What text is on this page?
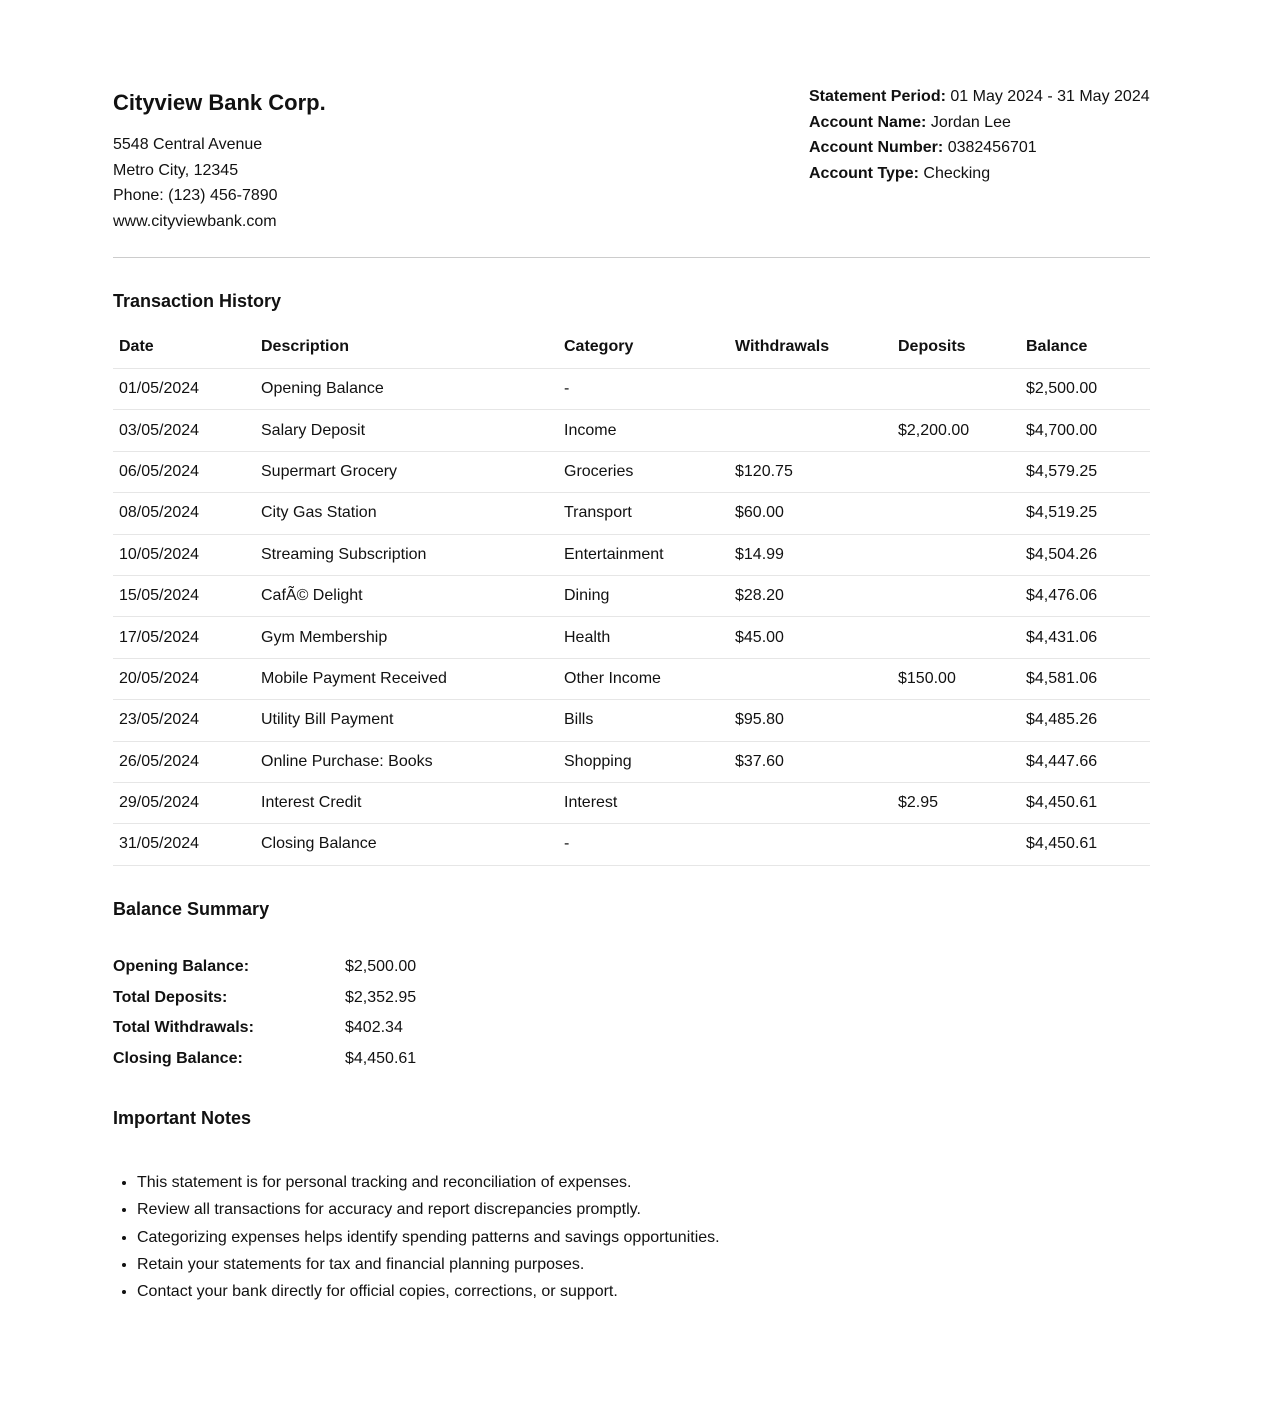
Cityview Bank Corp.
5548 Central Avenue
Metro City, 12345
Phone: (123) 456-7890
www.cityviewbank.com
Statement Period: 01 May 2024 - 31 May 2024
Account Name: Jordan Lee
Account Number: 0382456701
Account Type: Checking
Transaction History
Date	Description	Category	Withdrawals	Deposits	Balance
01/05/2024	Opening Balance	-			$2,500.00
03/05/2024	Salary Deposit	Income		$2,200.00	$4,700.00
06/05/2024	Supermart Grocery	Groceries	$120.75		$4,579.25
08/05/2024	City Gas Station	Transport	$60.00		$4,519.25
10/05/2024	Streaming Subscription	Entertainment	$14.99		$4,504.26
15/05/2024	CafÃ© Delight	Dining	$28.20		$4,476.06
17/05/2024	Gym Membership	Health	$45.00		$4,431.06
20/05/2024	Mobile Payment Received	Other Income		$150.00	$4,581.06
23/05/2024	Utility Bill Payment	Bills	$95.80		$4,485.26
26/05/2024	Online Purchase: Books	Shopping	$37.60		$4,447.66
29/05/2024	Interest Credit	Interest		$2.95	$4,450.61
31/05/2024	Closing Balance	-			$4,450.61
Balance Summary
Opening Balance:	$2,500.00
Total Deposits:	$2,352.95
Total Withdrawals:	$402.34
Closing Balance:	$4,450.61
Important Notes
• This statement is for personal tracking and reconciliation of expenses.
• Review all transactions for accuracy and report discrepancies promptly.
• Categorizing expenses helps identify spending patterns and savings opportunities.
• Retain your statements for tax and financial planning purposes.
• Contact your bank directly for official copies, corrections, or support.
